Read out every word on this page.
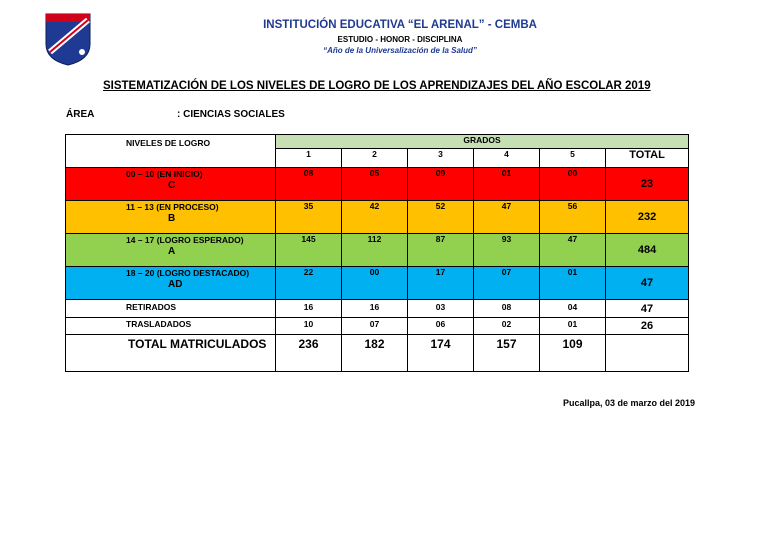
INSTITUCIÓN EDUCATIVA “EL ARENAL” - CEMBA
ESTUDIO - HONOR - DISCIPLINA
“Año de la Universalización de la Salud”
SISTEMATIZACIÓN DE LOS NIVELES DE LOGRO DE LOS APRENDIZAJES DEL AÑO ESCOLAR 2019
ÁREA	: CIENCIAS SOCIALES
NIVELES DE LOGRO	GRADOS					
	1	2	3	4	5	TOTAL
00 – 10 (EN INICIO)
C	08	05	09	01	00	23
11 – 13 (EN PROCESO)
B	35	42	52	47	56	232
14 – 17 (LOGRO ESPERADO)
A	145	112	87	93	47	484
18 – 20 (LOGRO DESTACADO)
AD	22	00	17	07	01	47
RETIRADOS	16	16	03	08	04	47
TRASLADADOS	10	07	06	02	01	26
TOTAL MATRICULADOS	236	182	174	157	109	
Pucallpa, 03 de marzo del 2019
